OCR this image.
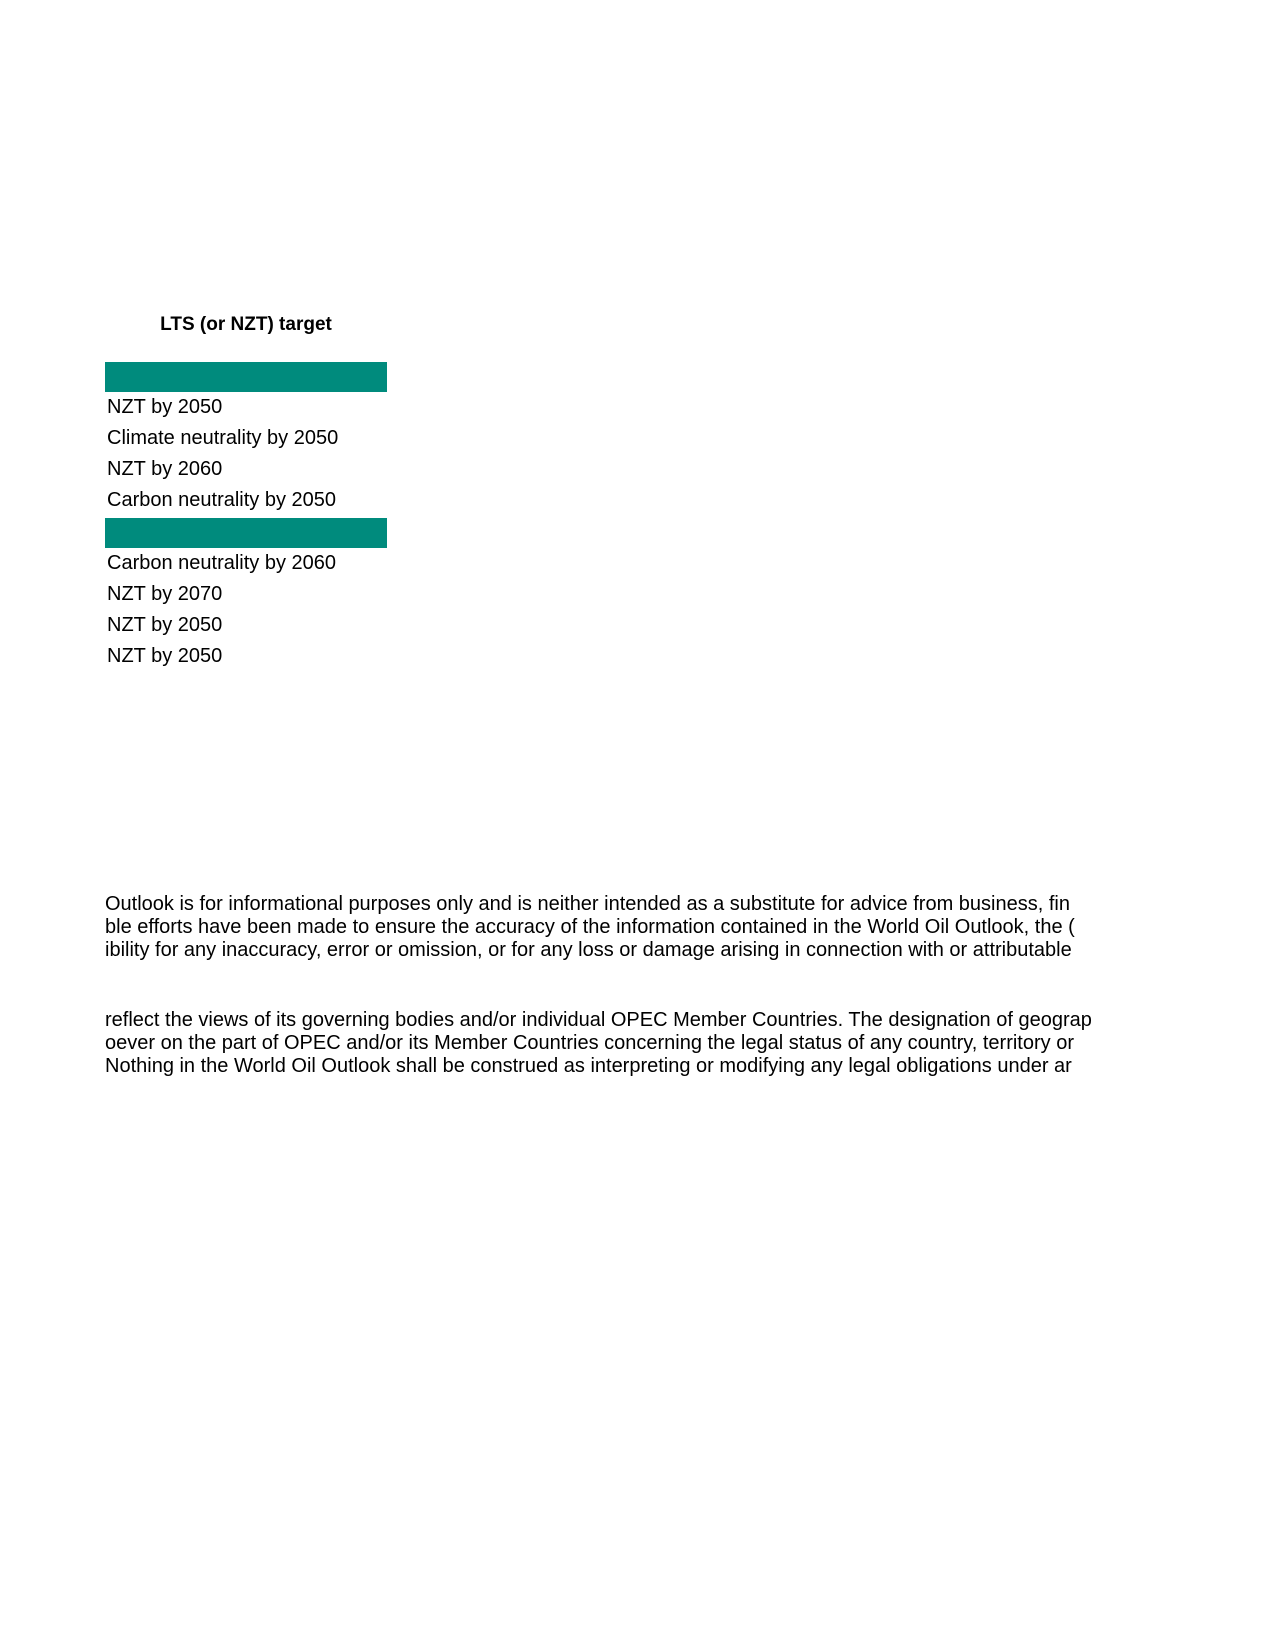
LTS (or NZT) target
NZT by 2050
Climate neutrality by 2050
NZT by 2060
Carbon neutrality by 2050
Carbon neutrality by 2060
NZT by 2070
NZT by 2050
NZT by 2050
Outlook is for informational purposes only and is neither intended as a substitute for advice from business, fin
ble efforts have been made to ensure the accuracy of the information contained in the World Oil Outlook, the (
ibility for any inaccuracy, error or omission, or for any loss or damage arising in connection with or attributable
reflect the views of its governing bodies and/or individual OPEC Member Countries. The designation of geograp
oever on the part of OPEC and/or its Member Countries concerning the legal status of any country, territory or
Nothing in the World Oil Outlook shall be construed as interpreting or modifying any legal obligations under ar
